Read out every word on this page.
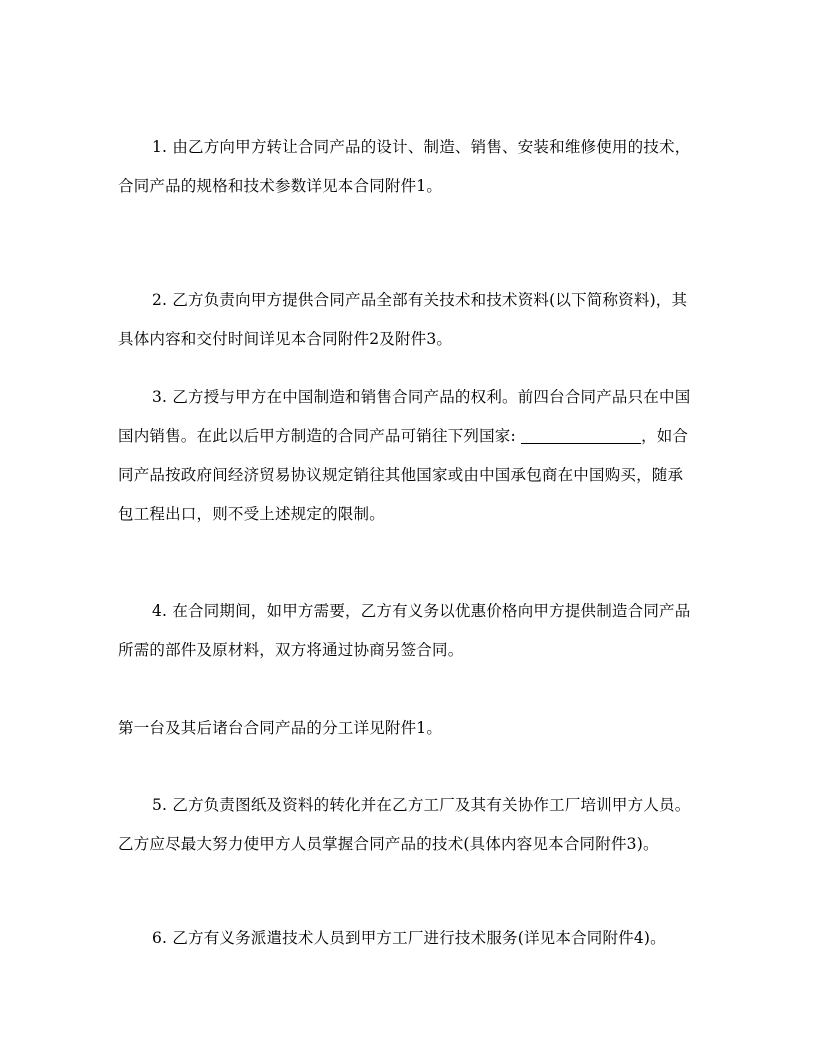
1. 由乙方向甲方转让合同产品的设计、制造、销售、安装和维修使用的技术，
合同产品的规格和技术参数详见本合同附件1。
2. 乙方负责向甲方提供合同产品全部有关技术和技术资料(以下简称资料)，其
具体内容和交付时间详见本合同附件2及附件3。
3. 乙方授与甲方在中国制造和销售合同产品的权利。前四台合同产品只在中国
国内销售。在此以后甲方制造的合同产品可销往下列国家:	，如合
同产品按政府间经济贸易协议规定销往其他国家或由中国承包商在中国购买，随承
包工程出口，则不受上述规定的限制。
4. 在合同期间，如甲方需要，乙方有义务以优惠价格向甲方提供制造合同产品
所需的部件及原材料，双方将通过协商另签合同。
第一台及其后诸台合同产品的分工详见附件1。
5. 乙方负责图纸及资料的转化并在乙方工厂及其有关协作工厂培训甲方人员。
乙方应尽最大努力使甲方人员掌握合同产品的技术(具体内容见本合同附件3)。
6. 乙方有义务派遣技术人员到甲方工厂进行技术服务(详见本合同附件4)。
